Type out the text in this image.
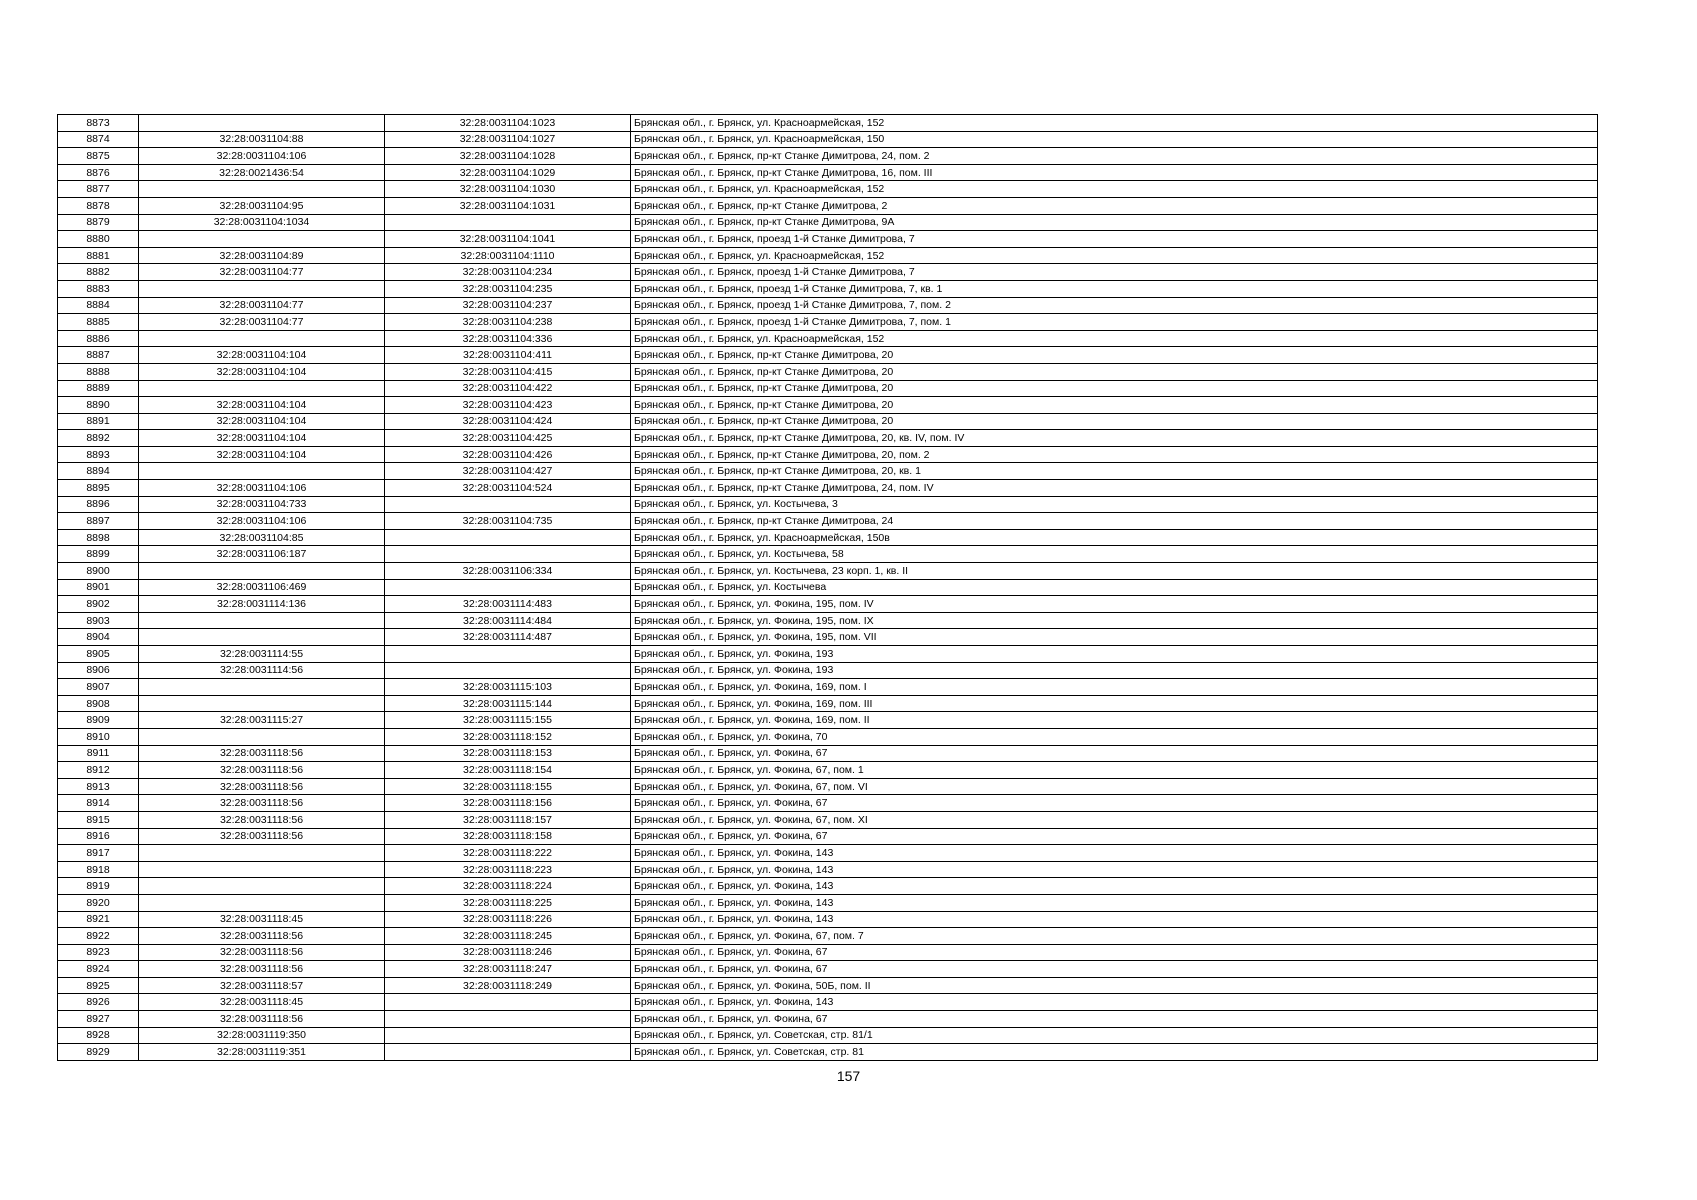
8873		32:28:0031104:1023	Брянская обл., г. Брянск, ул. Красноармейская, 152
8874	32:28:0031104:88	32:28:0031104:1027	Брянская обл., г. Брянск, ул. Красноармейская, 150
8875	32:28:0031104:106	32:28:0031104:1028	Брянская обл., г. Брянск, пр-кт Станке Димитрова, 24, пом. 2
8876	32:28:0021436:54	32:28:0031104:1029	Брянская обл., г. Брянск, пр-кт Станке Димитрова, 16, пом. III
8877		32:28:0031104:1030	Брянская обл., г. Брянск, ул. Красноармейская, 152
8878	32:28:0031104:95	32:28:0031104:1031	Брянская обл., г. Брянск, пр-кт Станке Димитрова, 2
8879	32:28:0031104:1034		Брянская обл., г. Брянск, пр-кт Станке Димитрова, 9А
8880		32:28:0031104:1041	Брянская обл., г. Брянск, проезд 1-й Станке Димитрова, 7
8881	32:28:0031104:89	32:28:0031104:1110	Брянская обл., г. Брянск, ул. Красноармейская, 152
8882	32:28:0031104:77	32:28:0031104:234	Брянская обл., г. Брянск, проезд 1-й Станке Димитрова, 7
8883		32:28:0031104:235	Брянская обл., г. Брянск, проезд 1-й Станке Димитрова, 7, кв. 1
8884	32:28:0031104:77	32:28:0031104:237	Брянская обл., г. Брянск, проезд 1-й Станке Димитрова, 7, пом. 2
8885	32:28:0031104:77	32:28:0031104:238	Брянская обл., г. Брянск, проезд 1-й Станке Димитрова, 7, пом. 1
8886		32:28:0031104:336	Брянская обл., г. Брянск, ул. Красноармейская, 152
8887	32:28:0031104:104	32:28:0031104:411	Брянская обл., г. Брянск, пр-кт Станке Димитрова, 20
8888	32:28:0031104:104	32:28:0031104:415	Брянская обл., г. Брянск, пр-кт Станке Димитрова, 20
8889		32:28:0031104:422	Брянская обл., г. Брянск, пр-кт Станке Димитрова, 20
8890	32:28:0031104:104	32:28:0031104:423	Брянская обл., г. Брянск, пр-кт Станке Димитрова, 20
8891	32:28:0031104:104	32:28:0031104:424	Брянская обл., г. Брянск, пр-кт Станке Димитрова, 20
8892	32:28:0031104:104	32:28:0031104:425	Брянская обл., г. Брянск, пр-кт Станке Димитрова, 20, кв. IV, пом. IV
8893	32:28:0031104:104	32:28:0031104:426	Брянская обл., г. Брянск, пр-кт Станке Димитрова, 20, пом. 2
8894		32:28:0031104:427	Брянская обл., г. Брянск, пр-кт Станке Димитрова, 20, кв. 1
8895	32:28:0031104:106	32:28:0031104:524	Брянская обл., г. Брянск, пр-кт Станке Димитрова, 24, пом. IV
8896	32:28:0031104:733		Брянская обл., г. Брянск, ул. Костычева, 3
8897	32:28:0031104:106	32:28:0031104:735	Брянская обл., г. Брянск, пр-кт Станке Димитрова, 24
8898	32:28:0031104:85		Брянская обл., г. Брянск, ул. Красноармейская, 150в
8899	32:28:0031106:187		Брянская обл., г. Брянск, ул. Костычева, 58
8900		32:28:0031106:334	Брянская обл., г. Брянск, ул. Костычева, 23 корп. 1, кв. II
8901	32:28:0031106:469		Брянская обл., г. Брянск, ул. Костычева
8902	32:28:0031114:136	32:28:0031114:483	Брянская обл., г. Брянск, ул. Фокина, 195, пом. IV
8903		32:28:0031114:484	Брянская обл., г. Брянск, ул. Фокина, 195, пом. IX
8904		32:28:0031114:487	Брянская обл., г. Брянск, ул. Фокина, 195, пом. VII
8905	32:28:0031114:55		Брянская обл., г. Брянск, ул. Фокина, 193
8906	32:28:0031114:56		Брянская обл., г. Брянск, ул. Фокина, 193
8907		32:28:0031115:103	Брянская обл., г. Брянск, ул. Фокина, 169, пом. I
8908		32:28:0031115:144	Брянская обл., г. Брянск, ул. Фокина, 169, пом. III
8909	32:28:0031115:27	32:28:0031115:155	Брянская обл., г. Брянск, ул. Фокина, 169, пом. II
8910		32:28:0031118:152	Брянская обл., г. Брянск, ул. Фокина, 70
8911	32:28:0031118:56	32:28:0031118:153	Брянская обл., г. Брянск, ул. Фокина, 67
8912	32:28:0031118:56	32:28:0031118:154	Брянская обл., г. Брянск, ул. Фокина, 67, пом. 1
8913	32:28:0031118:56	32:28:0031118:155	Брянская обл., г. Брянск, ул. Фокина, 67, пом. VI
8914	32:28:0031118:56	32:28:0031118:156	Брянская обл., г. Брянск, ул. Фокина, 67
8915	32:28:0031118:56	32:28:0031118:157	Брянская обл., г. Брянск, ул. Фокина, 67, пом. XI
8916	32:28:0031118:56	32:28:0031118:158	Брянская обл., г. Брянск, ул. Фокина, 67
8917		32:28:0031118:222	Брянская обл., г. Брянск, ул. Фокина, 143
8918		32:28:0031118:223	Брянская обл., г. Брянск, ул. Фокина, 143
8919		32:28:0031118:224	Брянская обл., г. Брянск, ул. Фокина, 143
8920		32:28:0031118:225	Брянская обл., г. Брянск, ул. Фокина, 143
8921	32:28:0031118:45	32:28:0031118:226	Брянская обл., г. Брянск, ул. Фокина, 143
8922	32:28:0031118:56	32:28:0031118:245	Брянская обл., г. Брянск, ул. Фокина, 67, пом. 7
8923	32:28:0031118:56	32:28:0031118:246	Брянская обл., г. Брянск, ул. Фокина, 67
8924	32:28:0031118:56	32:28:0031118:247	Брянская обл., г. Брянск, ул. Фокина, 67
8925	32:28:0031118:57	32:28:0031118:249	Брянская обл., г. Брянск, ул. Фокина, 50Б, пом. II
8926	32:28:0031118:45		Брянская обл., г. Брянск, ул. Фокина, 143
8927	32:28:0031118:56		Брянская обл., г. Брянск, ул. Фокина, 67
8928	32:28:0031119:350		Брянская обл., г. Брянск, ул. Советская, стр. 81/1
8929	32:28:0031119:351		Брянская обл., г. Брянск, ул. Советская, стр. 81
157
